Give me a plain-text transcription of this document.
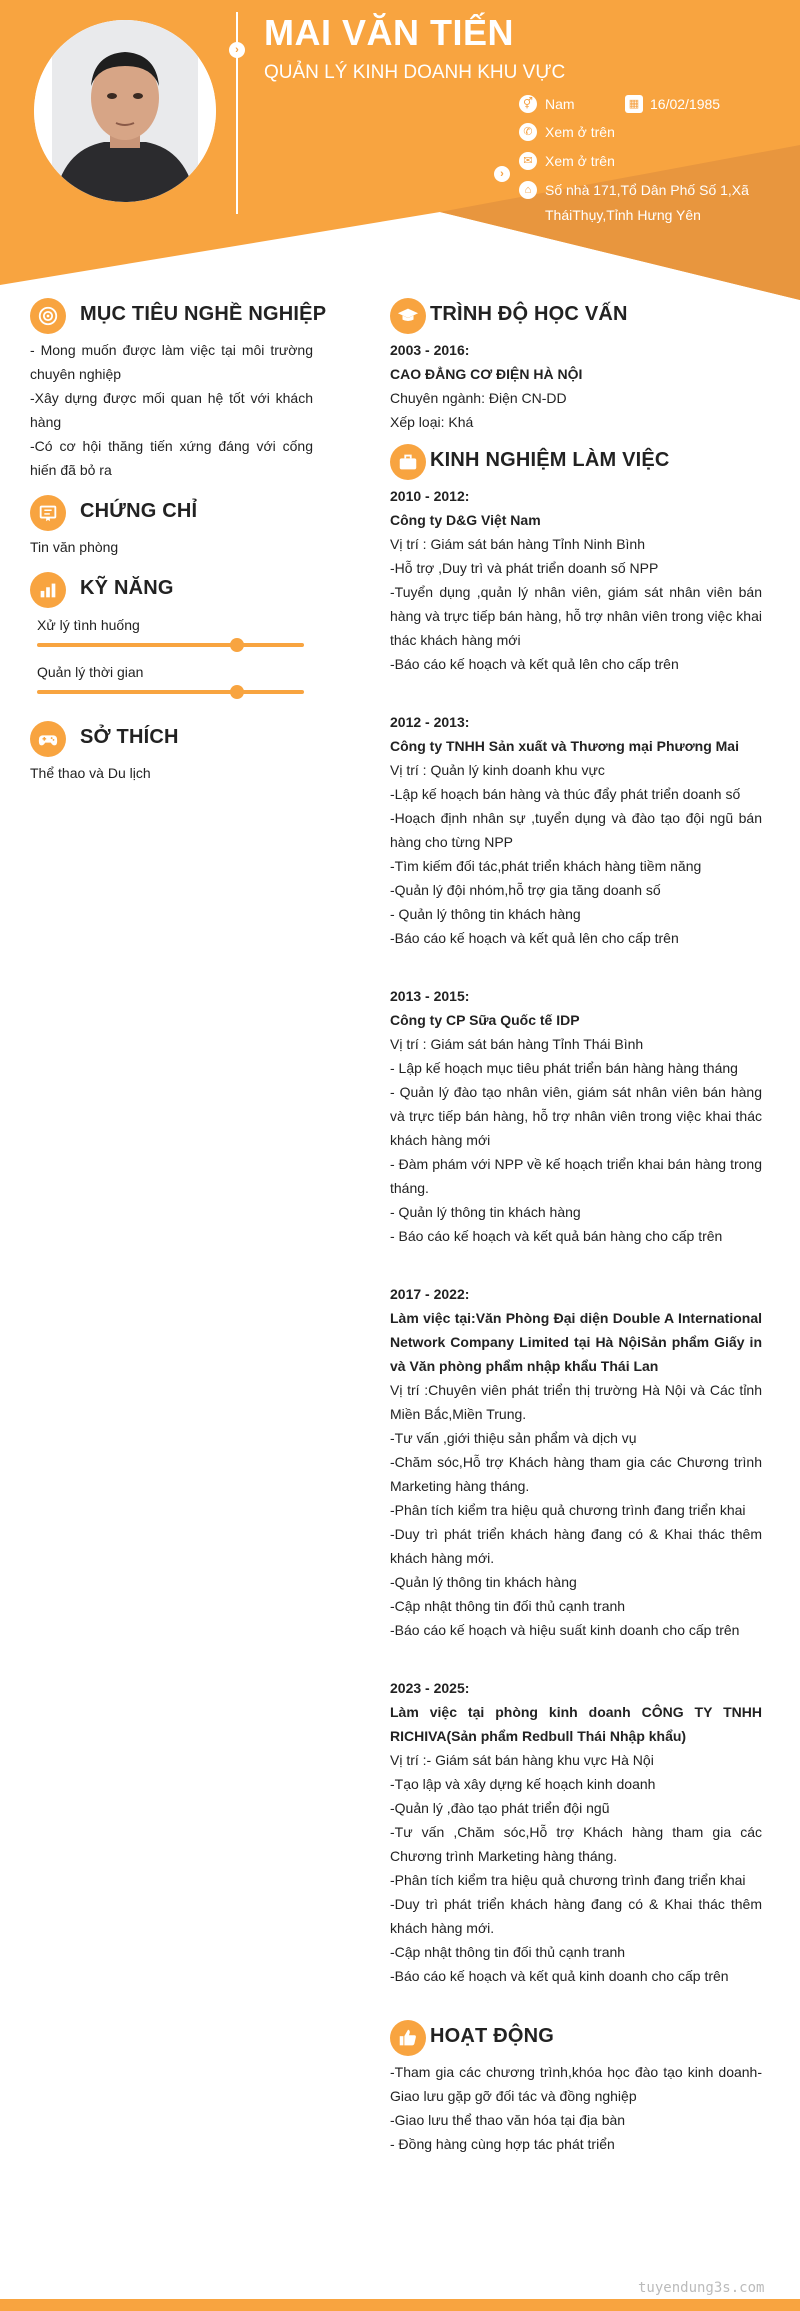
› MAI VĂN TIẾN
QUẢN LÝ KINH DOANH KHU VỰC
⚥ Nam	▦ 16/02/1985
✆ Xem ở trên
✉ Xem ở trên
›
⌂ Số nhà 171,Tổ Dân Phố Số 1,Xã
TháiThụy,Tỉnh Hưng Yên
MỤC TIÊU NGHỀ NGHIỆP

- Mong muốn được làm việc tại môi trường chuyên nghiệp

-Xây dựng được mối quan hệ tốt với khách hàng

-Có cơ hội thăng tiến xứng đáng với cống hiến đã bỏ ra

CHỨNG CHỈ
Tin văn phòng
KỸ NĂNG
Xử lý tình huống
Quản lý thời gian
SỞ THÍCH
Thể thao và Du lịch
TRÌNH ĐỘ HỌC VẤN

2003 - 2016:

CAO ĐẲNG CƠ ĐIỆN HÀ NỘI

Chuyên ngành: Điện CN-DD

Xếp loại: Khá

KINH NGHIỆM LÀM VIỆC

2010 - 2012:

Công ty D&G Việt Nam

Vị trí : Giám sát bán hàng Tỉnh Ninh Bình

-Hỗ trợ ,Duy trì và phát triển doanh số NPP

-Tuyển dụng ,quản lý nhân viên, giám sát nhân viên bán hàng và trực tiếp bán hàng, hỗ trợ nhân viên trong việc khai thác khách hàng mới

-Báo cáo kế hoạch và kết quả lên cho cấp trên

2012 - 2013:

Công ty TNHH Sản xuất và Thương mại Phương Mai

Vị trí : Quản lý kinh doanh khu vực

-Lập kế hoạch bán hàng và thúc đẩy phát triển doanh số

-Hoạch định nhân sự ,tuyển dụng và đào tạo đội ngũ bán hàng cho từng NPP

-Tìm kiếm đối tác,phát triển khách hàng tiềm năng

-Quản lý đội nhóm,hỗ trợ gia tăng doanh số

- Quản lý thông tin khách hàng

-Báo cáo kế hoạch và kết quả lên cho cấp trên

2013 - 2015:

Công ty CP Sữa Quốc tế IDP

Vị trí : Giám sát bán hàng Tỉnh Thái Bình

- Lập kế hoạch mục tiêu phát triển bán hàng hàng tháng

- Quản lý đào tạo nhân viên, giám sát nhân viên bán hàng và trực tiếp bán hàng, hỗ trợ nhân viên trong việc khai thác khách hàng mới

- Đàm phám với NPP về kế hoạch triển khai bán hàng trong tháng.

- Quản lý thông tin khách hàng

- Báo cáo kế hoạch và kết quả bán hàng cho cấp trên

2017 - 2022:

Làm việc tại:Văn Phòng Đại diện Double A International Network Company Limited tại Hà NộiSản phẩm Giấy in và Văn phòng phẩm nhập khẩu Thái Lan

Vị trí :Chuyên viên phát triển thị trường Hà Nội và Các tỉnh Miền Bắc,Miền Trung.

-Tư vấn ,giới thiệu sản phẩm và dịch vụ

-Chăm sóc,Hỗ trợ Khách hàng tham gia các Chương trình Marketing hàng tháng.

-Phân tích kiểm tra hiệu quả chương trình đang triển khai

-Duy trì phát triển khách hàng đang có & Khai thác thêm khách hàng mới.

-Quản lý thông tin khách hàng

-Cập nhật thông tin đối thủ cạnh tranh

-Báo cáo kế hoạch và hiệu suất kinh doanh cho cấp trên

2023 - 2025:

Làm việc tại phòng kinh doanh CÔNG TY TNHH RICHIVA(Sản phẩm Redbull Thái Nhập khẩu)

Vị trí :- Giám sát bán hàng khu vực Hà Nội

-Tạo lập và xây dựng kế hoạch kinh doanh

-Quản lý ,đào tạo phát triển đội ngũ

-Tư vấn ,Chăm sóc,Hỗ trợ Khách hàng tham gia các Chương trình Marketing hàng tháng.

-Phân tích kiểm tra hiệu quả chương trình đang triển khai

-Duy trì phát triển khách hàng đang có & Khai thác thêm khách hàng mới.

-Cập nhật thông tin đối thủ cạnh tranh

-Báo cáo kế hoạch và kết quả kinh doanh cho cấp trên

HOẠT ĐỘNG

-Tham gia các chương trình,khóa học đào tạo kinh doanh- Giao lưu gặp gỡ đối tác và đồng nghiệp

-Giao lưu thể thao văn hóa tại địa bàn

- Đồng hàng cùng hợp tác phát triển

tuyendung3s.com
